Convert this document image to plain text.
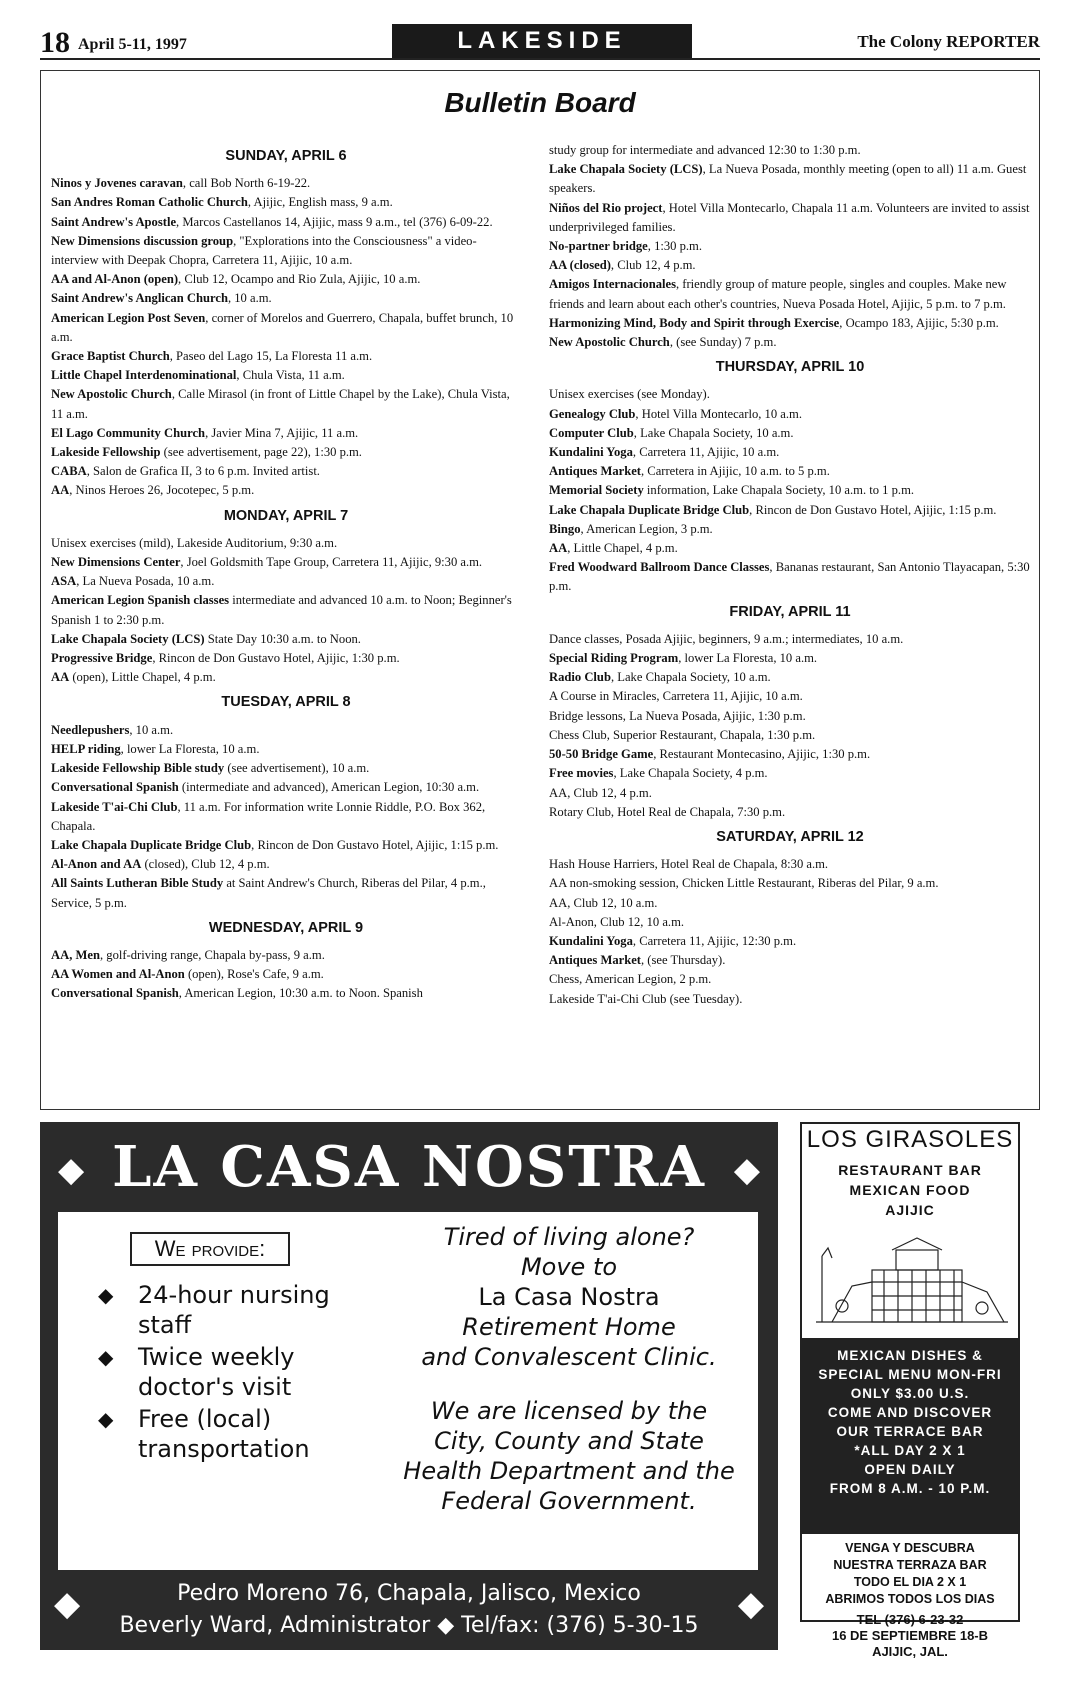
18 April 5-11, 1997	LAKESIDE	The Colony REPORTER
Bulletin Board
SUNDAY, APRIL 6

Ninos y Jovenes caravan, call Bob North 6-19-22.

San Andres Roman Catholic Church, Ajijic, English mass, 9 a.m.

Saint Andrew's Apostle, Marcos Castellanos 14, Ajijic, mass 9 a.m., tel (376) 6-09-22.

New Dimensions discussion group, "Explorations into the Consciousness" a video-interview with Deepak Chopra, Carretera 11, Ajijic, 10 a.m.

AA and Al-Anon (open), Club 12, Ocampo and Rio Zula, Ajijic, 10 a.m.

Saint Andrew's Anglican Church, 10 a.m.

American Legion Post Seven, corner of Morelos and Guerrero, Chapala, buffet brunch, 10 a.m.

Grace Baptist Church, Paseo del Lago 15, La Floresta 11 a.m.

Little Chapel Interdenominational, Chula Vista, 11 a.m.

New Apostolic Church, Calle Mirasol (in front of Little Chapel by the Lake), Chula Vista, 11 a.m.

El Lago Community Church, Javier Mina 7, Ajijic, 11 a.m.

Lakeside Fellowship (see advertisement, page 22), 1:30 p.m.

CABA, Salon de Grafica II, 3 to 6 p.m. Invited artist.

AA, Ninos Heroes 26, Jocotepec, 5 p.m.

MONDAY, APRIL 7

Unisex exercises (mild), Lakeside Auditorium, 9:30 a.m.

New Dimensions Center, Joel Goldsmith Tape Group, Carretera 11, Ajijic, 9:30 a.m.

ASA, La Nueva Posada, 10 a.m.

American Legion Spanish classes intermediate and advanced 10 a.m. to Noon; Beginner's Spanish 1 to 2:30 p.m.

Lake Chapala Society (LCS) State Day 10:30 a.m. to Noon.

Progressive Bridge, Rincon de Don Gustavo Hotel, Ajijic, 1:30 p.m.

AA (open), Little Chapel, 4 p.m.

TUESDAY, APRIL 8

Needlepushers, 10 a.m.

HELP riding, lower La Floresta, 10 a.m.

Lakeside Fellowship Bible study (see advertisement), 10 a.m.

Conversational Spanish (intermediate and advanced), American Legion, 10:30 a.m.

Lakeside T'ai-Chi Club, 11 a.m. For information write Lonnie Riddle, P.O. Box 362, Chapala.

Lake Chapala Duplicate Bridge Club, Rincon de Don Gustavo Hotel, Ajijic, 1:15 p.m.

Al-Anon and AA (closed), Club 12, 4 p.m.

All Saints Lutheran Bible Study at Saint Andrew's Church, Riberas del Pilar, 4 p.m., Service, 5 p.m.

WEDNESDAY, APRIL 9

AA, Men, golf-driving range, Chapala by-pass, 9 a.m.

AA Women and Al-Anon (open), Rose's Cafe, 9 a.m.

Conversational Spanish, American Legion, 10:30 a.m. to Noon. Spanish

study group for intermediate and advanced 12:30 to 1:30 p.m.

Lake Chapala Society (LCS), La Nueva Posada, monthly meeting (open to all) 11 a.m. Guest speakers.

Niños del Rio project, Hotel Villa Montecarlo, Chapala 11 a.m. Volunteers are invited to assist underprivileged families.

No-partner bridge, 1:30 p.m.

AA (closed), Club 12, 4 p.m.

Amigos Internacionales, friendly group of mature people, singles and couples. Make new friends and learn about each other's countries, Nueva Posada Hotel, Ajijic, 5 p.m. to 7 p.m.

Harmonizing Mind, Body and Spirit through Exercise, Ocampo 183, Ajijic, 5:30 p.m.

New Apostolic Church, (see Sunday) 7 p.m.

THURSDAY, APRIL 10

Unisex exercises (see Monday).

Genealogy Club, Hotel Villa Montecarlo, 10 a.m.

Computer Club, Lake Chapala Society, 10 a.m.

Kundalini Yoga, Carretera 11, Ajijic, 10 a.m.

Antiques Market, Carretera in Ajijic, 10 a.m. to 5 p.m.

Memorial Society information, Lake Chapala Society, 10 a.m. to 1 p.m.

Lake Chapala Duplicate Bridge Club, Rincon de Don Gustavo Hotel, Ajijic, 1:15 p.m.

Bingo, American Legion, 3 p.m.

AA, Little Chapel, 4 p.m.

Fred Woodward Ballroom Dance Classes, Bananas restaurant, San Antonio Tlayacapan, 5:30 p.m.

FRIDAY, APRIL 11

Dance classes, Posada Ajijic, beginners, 9 a.m.; intermediates, 10 a.m.

Special Riding Program, lower La Floresta, 10 a.m.

Radio Club, Lake Chapala Society, 10 a.m.

A Course in Miracles, Carretera 11, Ajijic, 10 a.m.

Bridge lessons, La Nueva Posada, Ajijic, 1:30 p.m.

Chess Club, Superior Restaurant, Chapala, 1:30 p.m.

50-50 Bridge Game, Restaurant Montecasino, Ajijic, 1:30 p.m.

Free movies, Lake Chapala Society, 4 p.m.

AA, Club 12, 4 p.m.

Rotary Club, Hotel Real de Chapala, 7:30 p.m.

SATURDAY, APRIL 12

Hash House Harriers, Hotel Real de Chapala, 8:30 a.m.

AA non-smoking session, Chicken Little Restaurant, Riberas del Pilar, 9 a.m.

AA, Club 12, 10 a.m.

Al-Anon, Club 12, 10 a.m.

Kundalini Yoga, Carretera 11, Ajijic, 12:30 p.m.

Antiques Market, (see Thursday).

Chess, American Legion, 2 p.m.

Lakeside T'ai-Chi Club (see Tuesday).

◆	◆
LA CASA NOSTRA
We provide:
◆ 24-hour nursing staff
◆ Twice weekly doctor's visit
◆ Free (local) transportation
Tired of living alone?
Move to
La Casa Nostra
Retirement Home
and Convalescent Clinic.
We are licensed by the
City, County and State
Health Department and the
Federal Government.
◆	◆
Pedro Moreno 76, Chapala, Jalisco, Mexico
Beverly Ward, Administrator ◆ Tel/fax: (376) 5-30-15
LOS GIRASOLES
RESTAURANT BAR
MEXICAN FOOD
AJIJIC
MEXICAN DISHES &
SPECIAL MENU MON-FRI
ONLY $3.00 U.S.
COME AND DISCOVER
OUR TERRACE BAR
*ALL DAY 2 X 1
OPEN DAILY
FROM 8 A.M. - 10 P.M.
VENGA Y DESCUBRA
NUESTRA TERRAZA BAR
TODO EL DIA 2 X 1
ABRIMOS TODOS LOS DIAS
TEL (376) 6-23-32
16 DE SEPTIEMBRE 18-B
AJIJIC, JAL.
